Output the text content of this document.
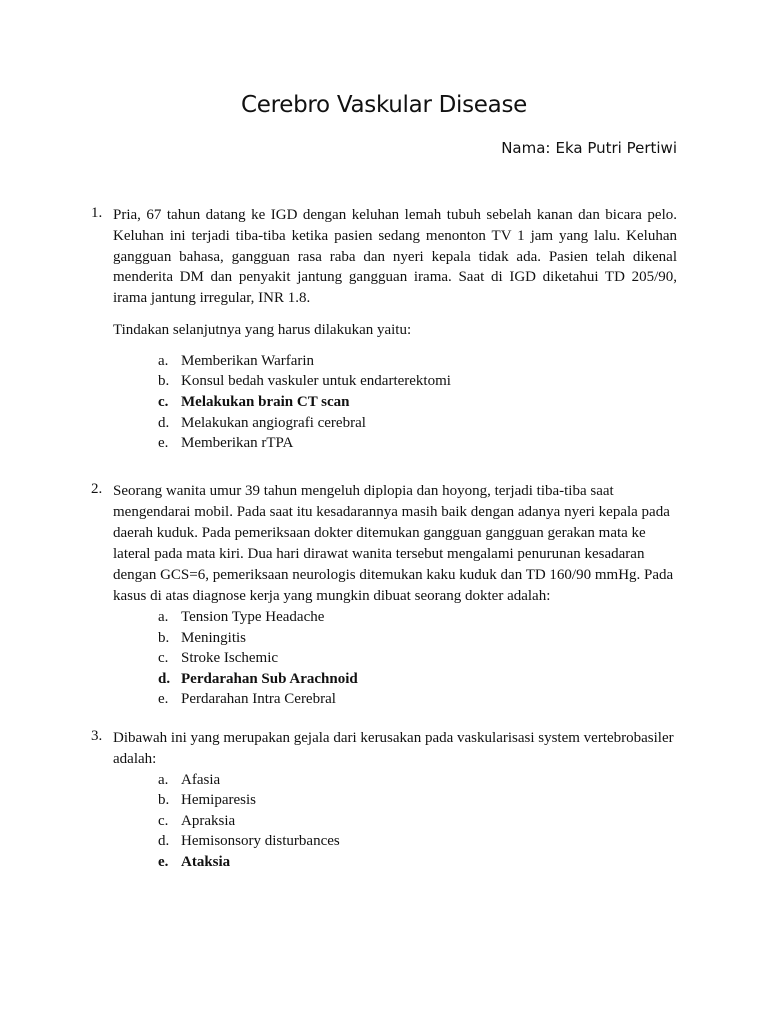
Cerebro Vaskular Disease

Nama: Eka Putri Pertiwi

1. Pria, 67 tahun datang ke IGD dengan keluhan lemah tubuh sebelah kanan dan bicara pelo. Keluhan ini terjadi tiba-tiba ketika pasien sedang menonton TV 1 jam yang lalu. Keluhan gangguan bahasa, gangguan rasa raba dan nyeri kepala tidak ada. Pasien telah dikenal menderita DM dan penyakit jantung gangguan irama. Saat di IGD diketahui TD 205/90, irama jantung irregular, INR 1.8.

Tindakan selanjutnya yang harus dilakukan yaitu:

a. Memberikan Warfarin
b. Konsul bedah vaskuler untuk endarterektomi
c. Melakukan brain CT scan
d. Melakukan angiografi cerebral
e. Memberikan rTPA
2. Seorang wanita umur 39 tahun mengeluh diplopia dan hoyong, terjadi tiba-tiba saat mengendarai mobil. Pada saat itu kesadarannya masih baik dengan adanya nyeri kepala pada daerah kuduk. Pada pemeriksaan dokter ditemukan gangguan gangguan gerakan mata ke lateral pada mata kiri. Dua hari dirawat wanita tersebut mengalami penurunan kesadaran dengan GCS=6, pemeriksaan neurologis ditemukan kaku kuduk dan TD 160/90 mmHg. Pada kasus di atas diagnose kerja yang mungkin dibuat seorang dokter adalah:
a. Tension Type Headache
b. Meningitis
c. Stroke Ischemic
d. Perdarahan Sub Arachnoid
e. Perdarahan Intra Cerebral
3. Dibawah ini yang merupakan gejala dari kerusakan pada vaskularisasi system vertebrobasiler adalah:
a. Afasia
b. Hemiparesis
c. Apraksia
d. Hemisonsory disturbances
e. Ataksia
